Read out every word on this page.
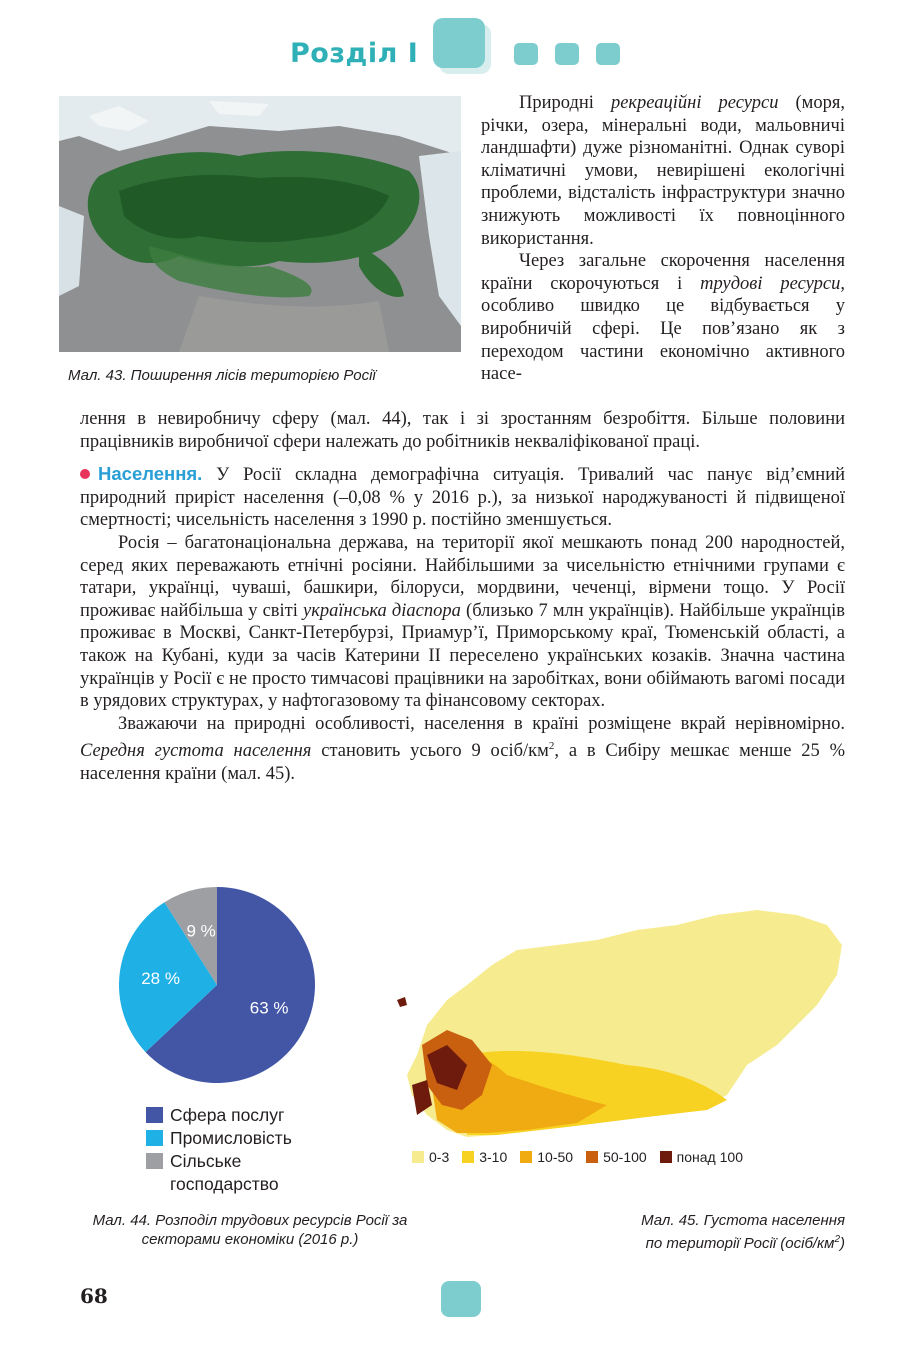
Розділ І
Мал. 43. Поширення лісів територією Росії

Природні рекреаційні ресурси (моря, річки, озера, мінеральні води, мальовничі ландшафти) дуже різноманітні. Однак суворі кліматичні умови, невирішені екологічні проблеми, відсталість інфраструктури значно знижують можливості їх повноцінного використання.

Через загальне скорочення населення країни скорочуються і трудові ресурси, особливо швидко це відбувається у виробничій сфері. Це пов’язано як з переходом частини економічно активного насе-

лення в невиробничу сферу (мал. 44), так і зі зростанням безробіття. Більше половини працівників виробничої сфери належать до робітників некваліфікованої праці.

Населення. У Росії складна демографічна ситуація. Тривалий час панує від’ємний природний приріст населення (–0,08 % у 2016 р.), за низької народжуваності й підвищеної смертності; чисельність населення з 1990 р. постійно зменшується.

Росія – багатонаціональна держава, на території якої мешкають понад 200 народностей, серед яких переважають етнічні росіяни. Найбільшими за чисельністю етнічними групами є татари, українці, чуваші, башкири, білоруси, мордвини, чеченці, вірмени тощо. У Росії проживає найбільша у світі українська діаспора (близько 7 млн українців). Найбільше українців проживає в Москві, Санкт-Петербурзі, Приамур’ї, Приморському краї, Тюменській області, а також на Кубані, куди за часів Катерини ІІ переселено українських козаків. Значна частина українців у Росії є не просто тимчасові працівники на заробітках, вони обіймають вагомі посади в урядових структурах, у нафтогазовому та фінансовому секторах.

Зважаючи на природні особливості, населення в країні розміщене вкрай нерівномірно. Середня густота населення становить усього 9 осіб/$км^2$, а в Сибіру мешкає менше 25 % населення країни (мал. 45).

63 %
28 %
9 %
Сфера послуг
Промисловість
Сільське
господарство
0-3 3-10 10-50 50-100 понад 100
Мал. 44. Розподіл трудових ресурсів Росії за секторами економіки (2016 р.)
Мал. 45. Густота населення
по території Росії $(осіб/км^2)$
68
